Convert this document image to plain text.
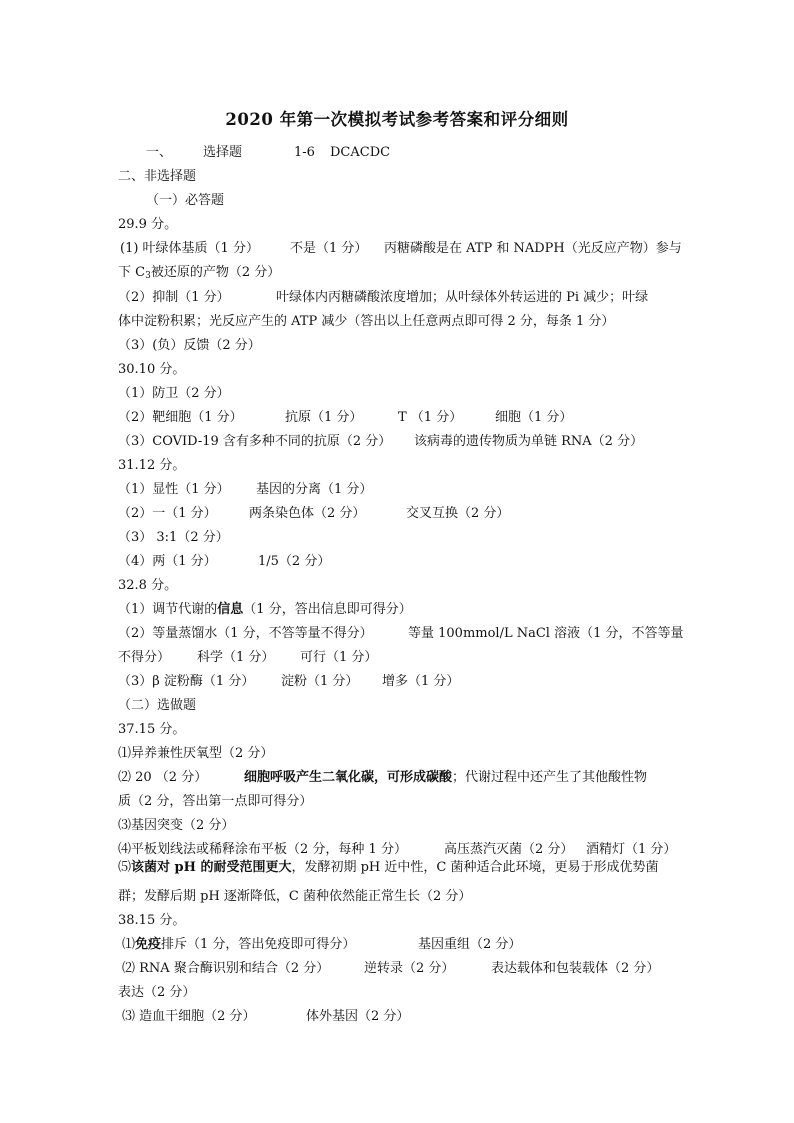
2020 年第一次模拟考试参考答案和评分细则
一、 选择题	1-6 DCACDC
二、非选择题
（一）必答题
29.9 分。
(1) 叶绿体基质（1 分） 不是（1 分） 丙糖磷酸是在 ATP 和 NADPH（光反应产物）参与
下 $C_3$被还原的产物（2 分）
（2）抑制（1 分）	叶绿体内丙糖磷酸浓度增加；从叶绿体外转运进的 Pi 减少；叶绿
体中淀粉积累；光反应产生的 ATP 减少（答出以上任意两点即可得 2 分，每条 1 分）
（3）(负）反馈（2 分）
30.10 分。
（1）防卫（2 分）
（2）靶细胞（1 分）	抗原（1 分）	T （1 分）	细胞（1 分）
（3）COVID-19 含有多种不同的抗原（2 分） 该病毒的遗传物质为单链 RNA（2 分）
31.12 分。
（1）显性（1 分） 基因的分离（1 分）
（2）一（1 分） 两条染色体（2 分）	交叉互换（2 分）
（3） 3:1（2 分）
（4）两（1 分）	1/5（2 分）
32.8 分。
（1）调节代谢的信息（1 分，答出信息即可得分）
（2）等量蒸馏水（1 分，不答等量不得分）	等量 100mmol/L NaCl 溶液（1 分，不答等量
不得分） 科学（1 分） 可行（1 分）
（3）β 淀粉酶（1 分） 淀粉（1 分） 增多（1 分）
（二）选做题
37.15 分。
⑴异养兼性厌氧型（2 分）
⑵ 20 （2 分）	细胞呼吸产生二氧化碳，可形成碳酸；代谢过程中还产生了其他酸性物
质（2 分，答出第一点即可得分）
⑶基因突变（2 分）
⑷平板划线法或稀释涂布平板（2 分，每种 1 分）	高压蒸汽灭菌（2 分） 酒精灯（1 分）
⑸该菌对 pH 的耐受范围更大，发酵初期 pH 近中性，C 菌种适合此环境，更易于形成优势菌
群；发酵后期 pH 逐渐降低，C 菌种依然能正常生长（2 分）
38.15 分。
⑴免疫排斥（1 分，答出免疫即可得分）	基因重组（2 分）
⑵ RNA 聚合酶识别和结合（2 分）	逆转录（2 分）	表达载体和包装载体（2 分）
表达（2 分）
⑶ 造血干细胞（2 分）	体外基因（2 分）
